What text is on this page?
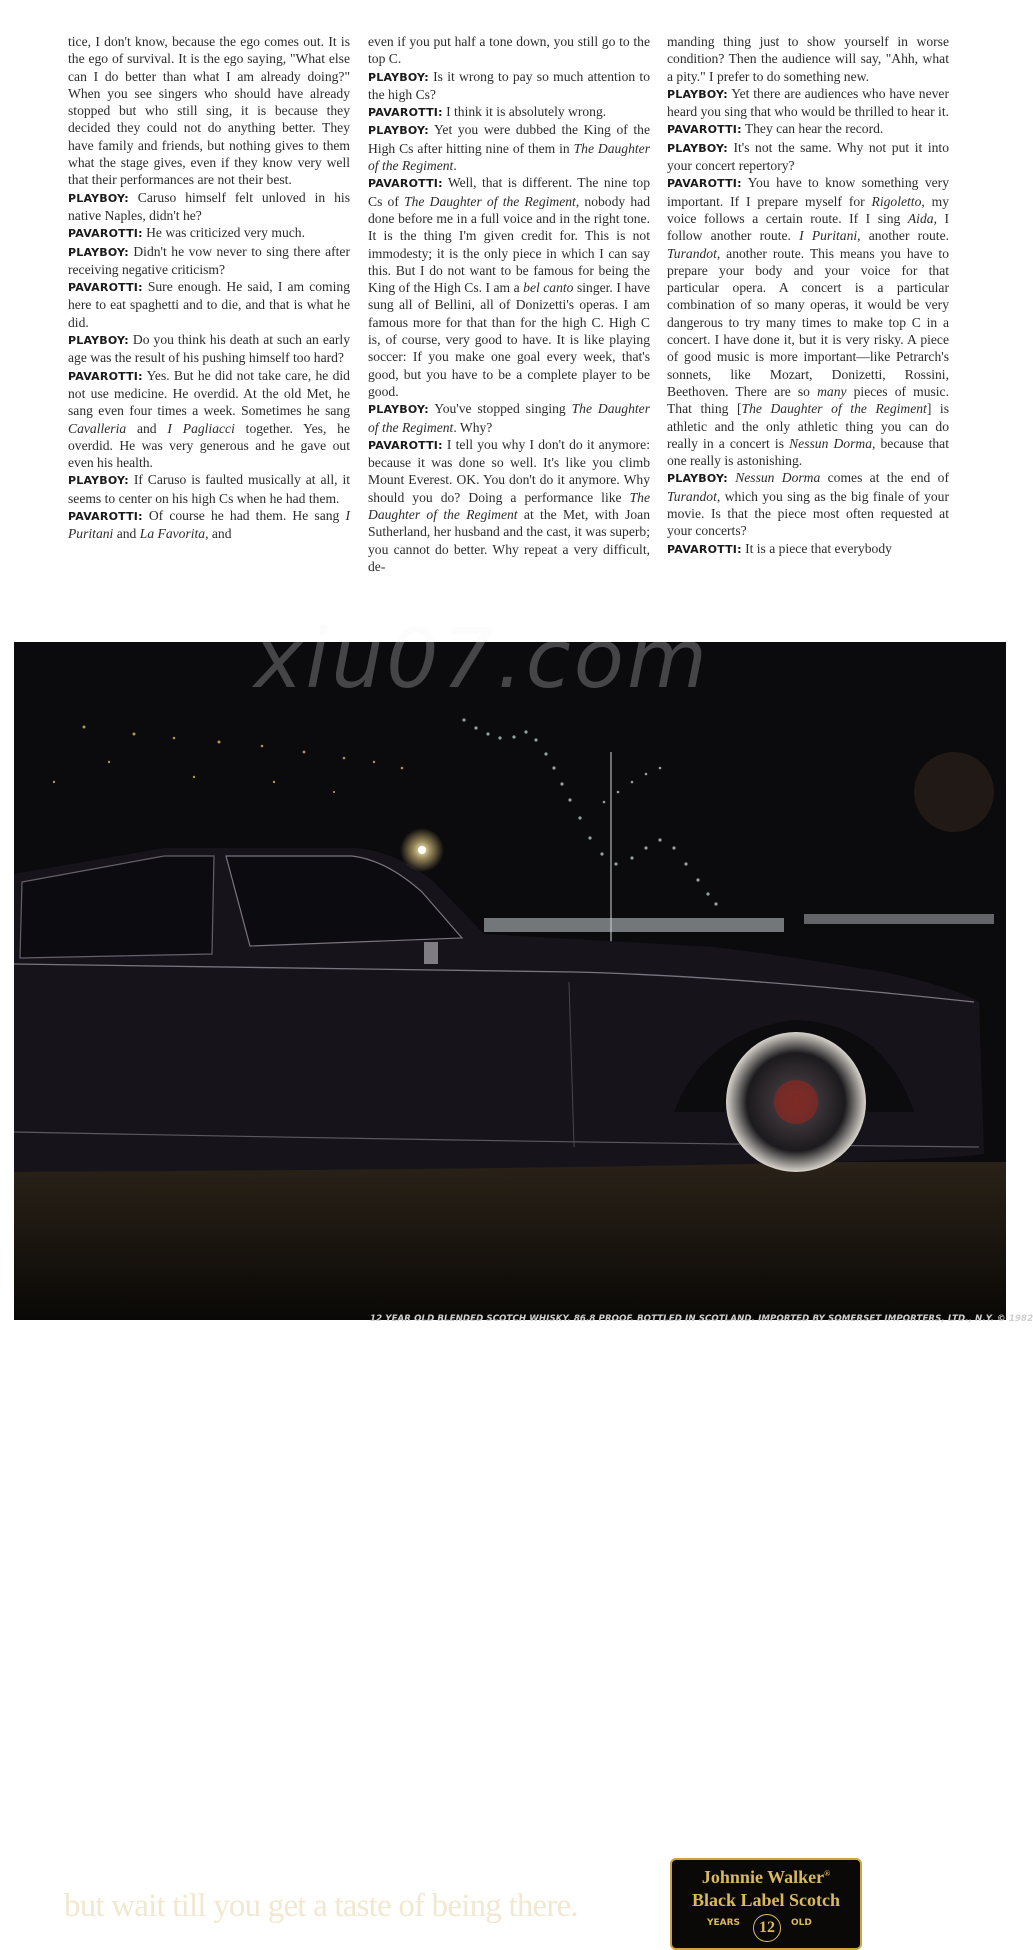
tice, I don't know, because the ego comes out. It is the ego of survival. It is the ego saying, "What else can I do better than what I am already doing?" When you see singers who should have already stopped but who still sing, it is because they decided they could not do anything better. They have family and friends, but nothing gives to them what the stage gives, even if they know very well that their performances are not their best.

PLAYBOY: Caruso himself felt unloved in his native Naples, didn't he?

PAVAROTTI: He was criticized very much.

PLAYBOY: Didn't he vow never to sing there after receiving negative criticism?

PAVAROTTI: Sure enough. He said, I am coming here to eat spaghetti and to die, and that is what he did.

PLAYBOY: Do you think his death at such an early age was the result of his pushing himself too hard?

PAVAROTTI: Yes. But he did not take care, he did not use medicine. He overdid. At the old Met, he sang even four times a week. Sometimes he sang Cavalleria and I Pagliacci together. Yes, he overdid. He was very generous and he gave out even his health.

PLAYBOY: If Caruso is faulted musically at all, it seems to center on his high Cs when he had them.

PAVAROTTI: Of course he had them. He sang I Puritani and La Favorita, and

even if you put half a tone down, you still go to the top C.

PLAYBOY: Is it wrong to pay so much attention to the high Cs?

PAVAROTTI: I think it is absolutely wrong.

PLAYBOY: Yet you were dubbed the King of the High Cs after hitting nine of them in The Daughter of the Regiment.

PAVAROTTI: Well, that is different. The nine top Cs of The Daughter of the Regiment, nobody had done before me in a full voice and in the right tone. It is the thing I'm given credit for. This is not immodesty; it is the only piece in which I can say this. But I do not want to be famous for being the King of the High Cs. I am a bel canto singer. I have sung all of Bellini, all of Donizetti's operas. I am famous more for that than for the high C. High C is, of course, very good to have. It is like playing soccer: If you make one goal every week, that's good, but you have to be a complete player to be good.

PLAYBOY: You've stopped singing The Daughter of the Regiment. Why?

PAVAROTTI: I tell you why I don't do it anymore: because it was done so well. It's like you climb Mount Everest. OK. You don't do it anymore. Why should you do? Doing a performance like The Daughter of the Regiment at the Met, with Joan Sutherland, her husband and the cast, it was superb; you cannot do better. Why repeat a very difficult, de-

manding thing just to show yourself in worse condition? Then the audience will say, "Ahh, what a pity." I prefer to do something new.

PLAYBOY: Yet there are audiences who have never heard you sing that who would be thrilled to hear it.

PAVAROTTI: They can hear the record.

PLAYBOY: It's not the same. Why not put it into your concert repertory?

PAVAROTTI: You have to know something very important. If I prepare myself for Rigoletto, my voice follows a certain route. If I sing Aida, I follow another route. I Puritani, another route. Turandot, another route. This means you have to prepare your body and your voice for that particular opera. A concert is a particular combination of so many operas, it would be very dangerous to try many times to make top C in a concert. I have done it, but it is very risky. A piece of good music is more important—like Petrarch's sonnets, like Mozart, Donizetti, Rossini, Beethoven. There are so many pieces of music. That thing [The Daughter of the Regiment] is athletic and the only athletic thing you can do really in a concert is Nessun Dorma, because that one really is astonishing.

PLAYBOY: Nessun Dorma comes at the end of Turandot, which you sing as the big finale of your movie. Is that the piece most often requested at your concerts?

PAVAROTTI: It is a piece that everybody

12 YEAR OLD BLENDED SCOTCH WHISKY. 86.8 PROOF. BOTTLED IN SCOTLAND. IMPORTED BY SOMERSET IMPORTERS, LTD., N.Y. © 1982
but wait till you get a taste of being there.
Johnnie Walker®
Black Label Scotch
YEARS	12	OLD
xiu07.com
